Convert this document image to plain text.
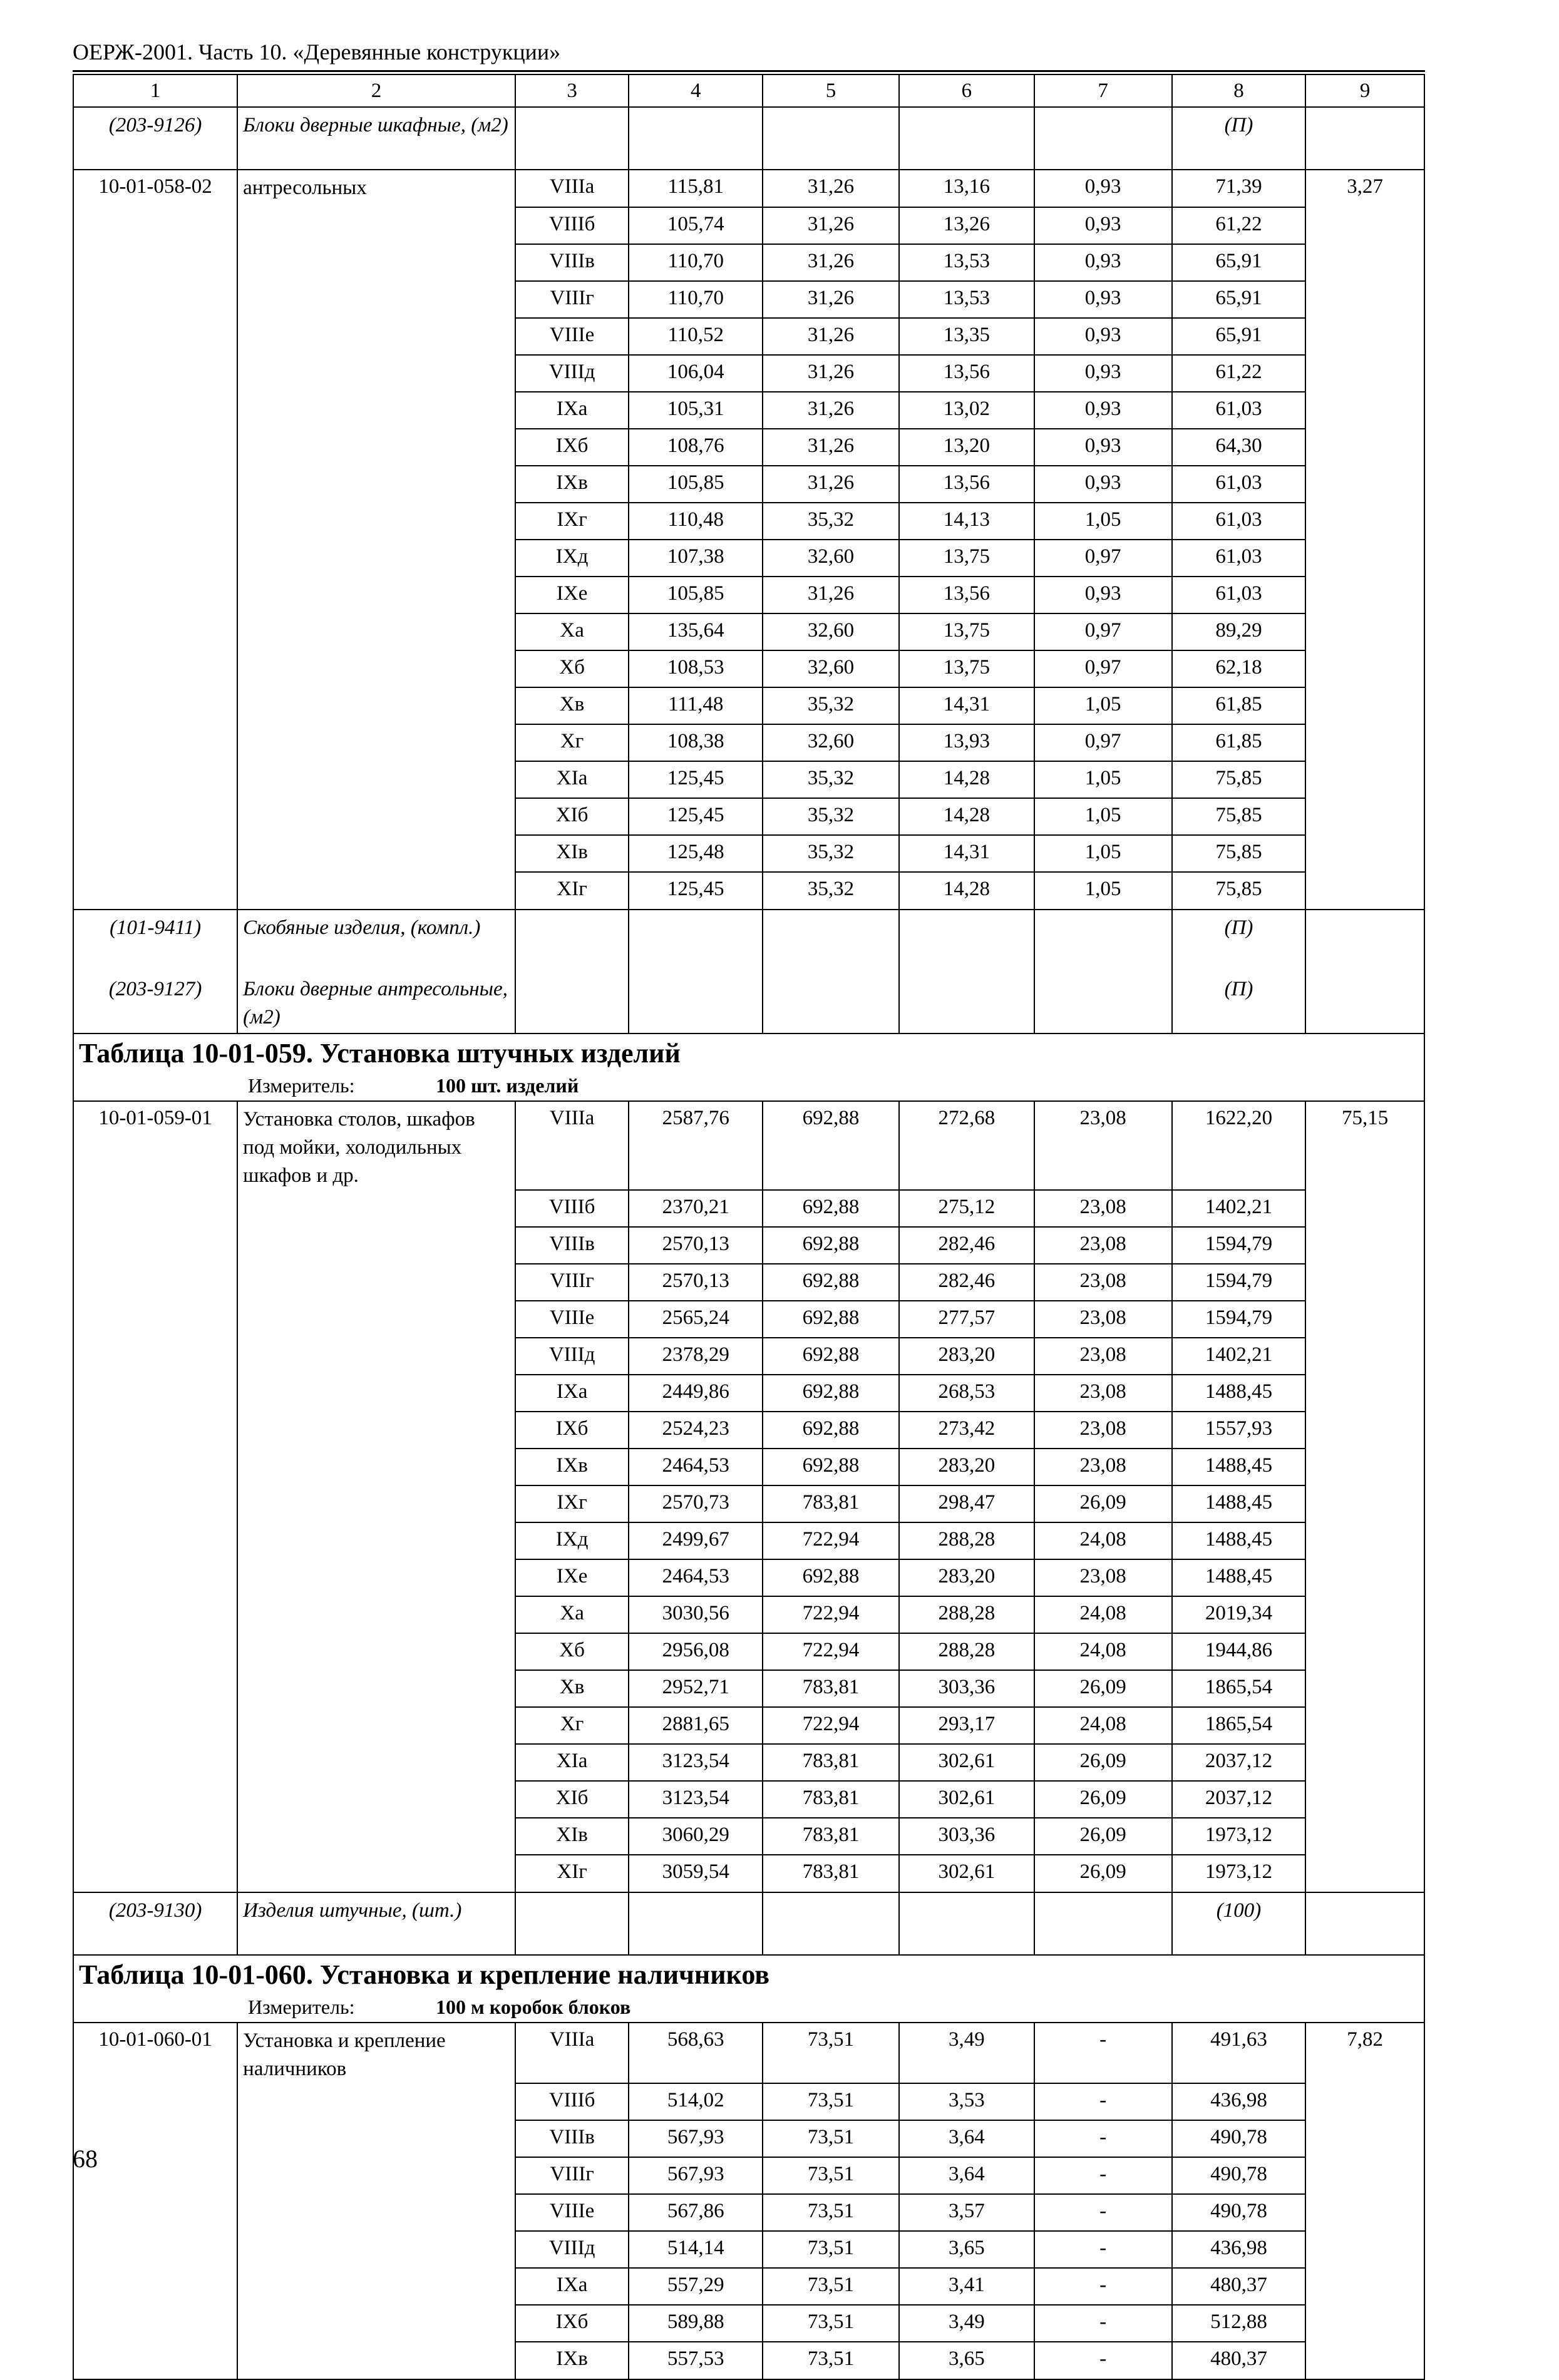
ОЕРЖ-2001. Часть 10. «Деревянные конструкции»
1	2	3	4	5	6	7	8	9
(203-9126)	Блоки дверные шкафные, (м2)						(П)	
10-01-058-02	антресольных	VIIIa	115,81	31,26	13,16	0,93	71,39	3,27
		VIIIб	105,74	31,26	13,26	0,93	61,22	
		VIIIв	110,70	31,26	13,53	0,93	65,91	
		VIIIг	110,70	31,26	13,53	0,93	65,91	
		VIIIe	110,52	31,26	13,35	0,93	65,91	
		VIIIд	106,04	31,26	13,56	0,93	61,22	
		IXa	105,31	31,26	13,02	0,93	61,03	
		IXб	108,76	31,26	13,20	0,93	64,30	
		IXв	105,85	31,26	13,56	0,93	61,03	
		IXг	110,48	35,32	14,13	1,05	61,03	
		IXд	107,38	32,60	13,75	0,97	61,03	
		IXe	105,85	31,26	13,56	0,93	61,03	
		Xa	135,64	32,60	13,75	0,97	89,29	
		Xб	108,53	32,60	13,75	0,97	62,18	
		Xв	111,48	35,32	14,31	1,05	61,85	
		Xг	108,38	32,60	13,93	0,97	61,85	
		XIa	125,45	35,32	14,28	1,05	75,85	
		XIб	125,45	35,32	14,28	1,05	75,85	
		XIв	125,48	35,32	14,31	1,05	75,85	
		XIг	125,45	35,32	14,28	1,05	75,85	
(101-9411)	Скобяные изделия, (компл.)						(П)	
(203-9127)	Блоки дверные антресольные, (м2)						(П)	
Таблица 10-01-059. Установка штучных изделий								
Измеритель: 100 шт. изделий								
10-01-059-01	Установка столов, шкафов под мойки, холодильных шкафов и др.	VIIIa	2587,76	692,88	272,68	23,08	1622,20	75,15
		VIIIб	2370,21	692,88	275,12	23,08	1402,21	
		VIIIв	2570,13	692,88	282,46	23,08	1594,79	
		VIIIг	2570,13	692,88	282,46	23,08	1594,79	
		VIIIe	2565,24	692,88	277,57	23,08	1594,79	
		VIIIд	2378,29	692,88	283,20	23,08	1402,21	
		IXa	2449,86	692,88	268,53	23,08	1488,45	
		IXб	2524,23	692,88	273,42	23,08	1557,93	
		IXв	2464,53	692,88	283,20	23,08	1488,45	
		IXг	2570,73	783,81	298,47	26,09	1488,45	
		IXд	2499,67	722,94	288,28	24,08	1488,45	
		IXe	2464,53	692,88	283,20	23,08	1488,45	
		Xa	3030,56	722,94	288,28	24,08	2019,34	
		Xб	2956,08	722,94	288,28	24,08	1944,86	
		Xв	2952,71	783,81	303,36	26,09	1865,54	
		Xг	2881,65	722,94	293,17	24,08	1865,54	
		XIa	3123,54	783,81	302,61	26,09	2037,12	
		XIб	3123,54	783,81	302,61	26,09	2037,12	
		XIв	3060,29	783,81	303,36	26,09	1973,12	
		XIг	3059,54	783,81	302,61	26,09	1973,12	
(203-9130)	Изделия штучные, (шт.)						(100)	
Таблица 10-01-060. Установка и крепление наличников								
Измеритель: 100 м коробок блоков								
10-01-060-01	Установка и крепление наличников	VIIIa	568,63	73,51	3,49	-	491,63	7,82
		VIIIб	514,02	73,51	3,53	-	436,98	
		VIIIв	567,93	73,51	3,64	-	490,78	
		VIIIг	567,93	73,51	3,64	-	490,78	
		VIIIe	567,86	73,51	3,57	-	490,78	
		VIIIд	514,14	73,51	3,65	-	436,98	
		IXa	557,29	73,51	3,41	-	480,37	
		IXб	589,88	73,51	3,49	-	512,88	
		IXв	557,53	73,51	3,65	-	480,37	
68
